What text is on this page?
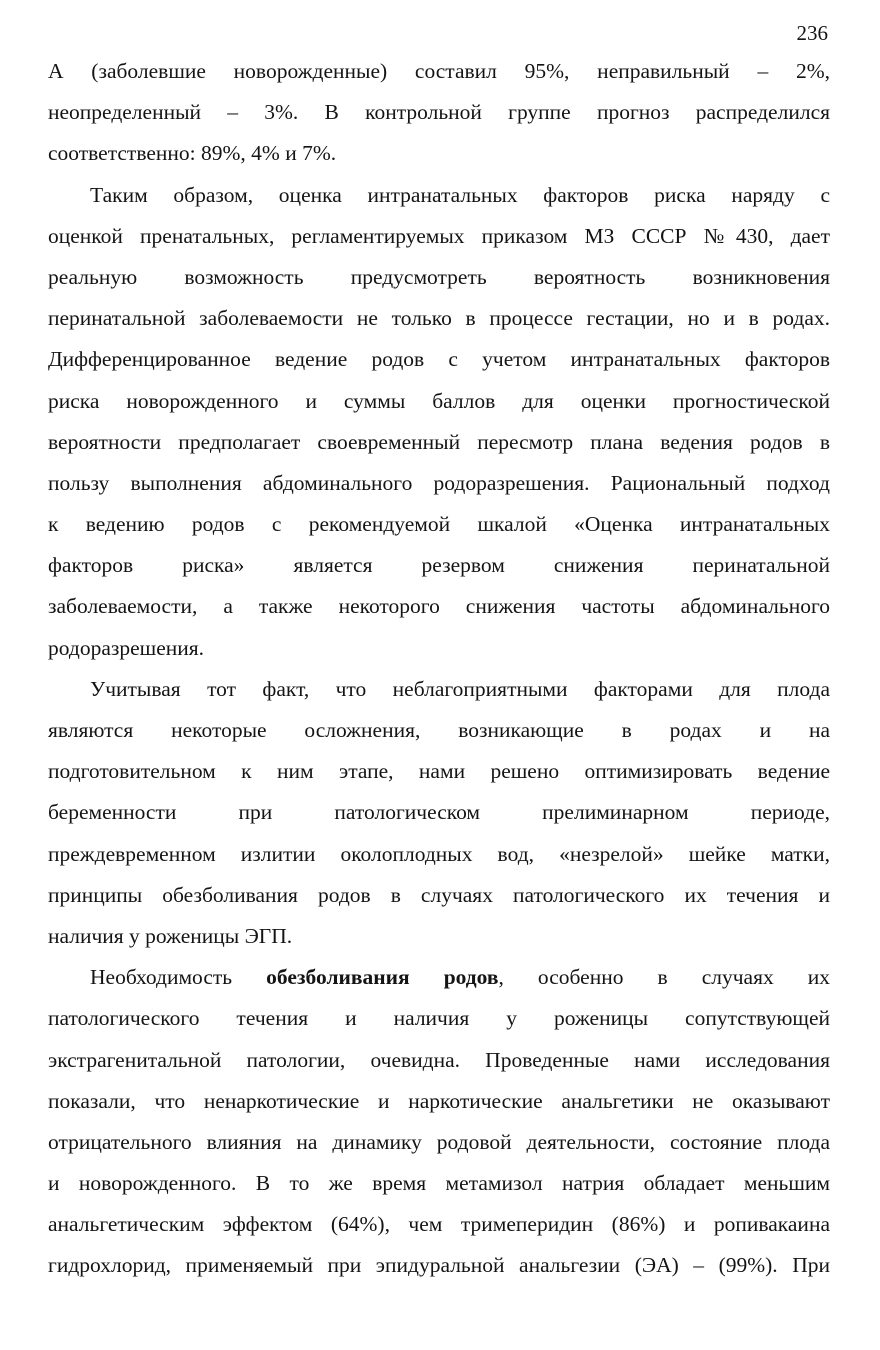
236
А (заболевшие новорожденные) составил 95%, неправильный – 2%,
неопределенный – 3%. В контрольной группе прогноз распределился
соответственно: 89%, 4% и 7%.
Таким образом, оценка интранатальных факторов риска наряду с
оценкой пренатальных, регламентируемых приказом МЗ СССР №430, дает
реальную возможность предусмотреть вероятность возникновения
перинатальной заболеваемости не только в процессе гестации, но и в родах.
Дифференцированное ведение родов с учетом интранатальных факторов
риска новорожденного и суммы баллов для оценки прогностической
вероятности предполагает своевременный пересмотр плана ведения родов в
пользу выполнения абдоминального родоразрешения. Рациональный подход
к ведению родов с рекомендуемой шкалой «Оценка интранатальных
факторов риска» является резервом снижения перинатальной
заболеваемости, а также некоторого снижения частоты абдоминального
родоразрешения.
Учитывая тот факт, что неблагоприятными факторами для плода
являются некоторые осложнения, возникающие в родах и на
подготовительном к ним этапе, нами решено оптимизировать ведение
беременности при патологическом прелиминарном периоде,
преждевременном излитии околоплодных вод, «незрелой» шейке матки,
принципы обезболивания родов в случаях патологического их течения и
наличия у роженицы ЭГП.
Необходимость обезболивания родов, особенно в случаях их
патологического течения и наличия у роженицы сопутствующей
экстрагенитальной патологии, очевидна. Проведенные нами исследования
показали, что ненаркотические и наркотические анальгетики не оказывают
отрицательного влияния на динамику родовой деятельности, состояние плода
и новорожденного. В то же время метамизол натрия обладает меньшим
анальгетическим эффектом (64%), чем тримеперидин (86%) и ропивакаина
гидрохлорид, применяемый при эпидуральной анальгезии (ЭА) – (99%). При
